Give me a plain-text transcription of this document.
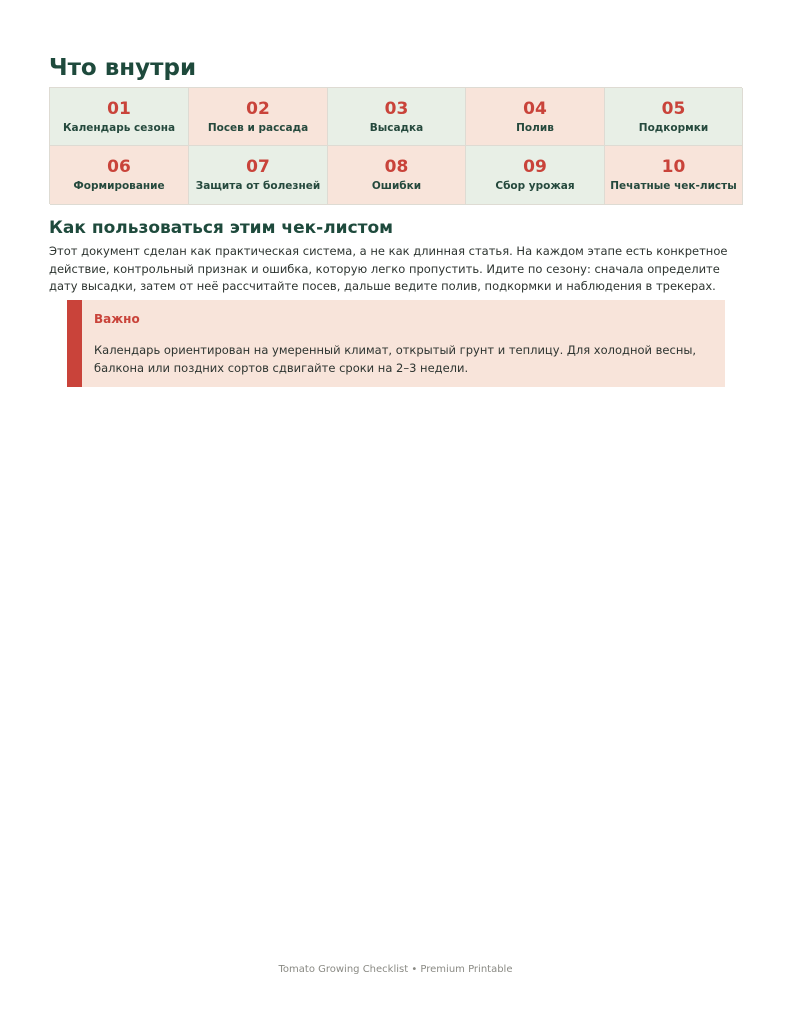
Что внутри
01
Календарь сезона
02
Посев и рассада
03
Высадка
04
Полив
05
Подкормки
06
Формирование
07
Защита от болезней
08
Ошибки
09
Сбор урожая
10
Печатные чек-листы
Как пользоваться этим чек-листом

Этот документ сделан как практическая система, а не как длинная статья. На каждом этапе есть конкретное действие, контрольный признак и ошибка, которую легко пропустить. Идите по сезону: сначала определите дату высадки, затем от неё рассчитайте посев, дальше ведите полив, подкормки и наблюдения в трекерах.

Важно

Календарь ориентирован на умеренный климат, открытый грунт и теплицу. Для холодной весны, балкона или поздних сортов сдвигайте сроки на 2–3 недели.

Tomato Growing Checklist • Premium Printable
